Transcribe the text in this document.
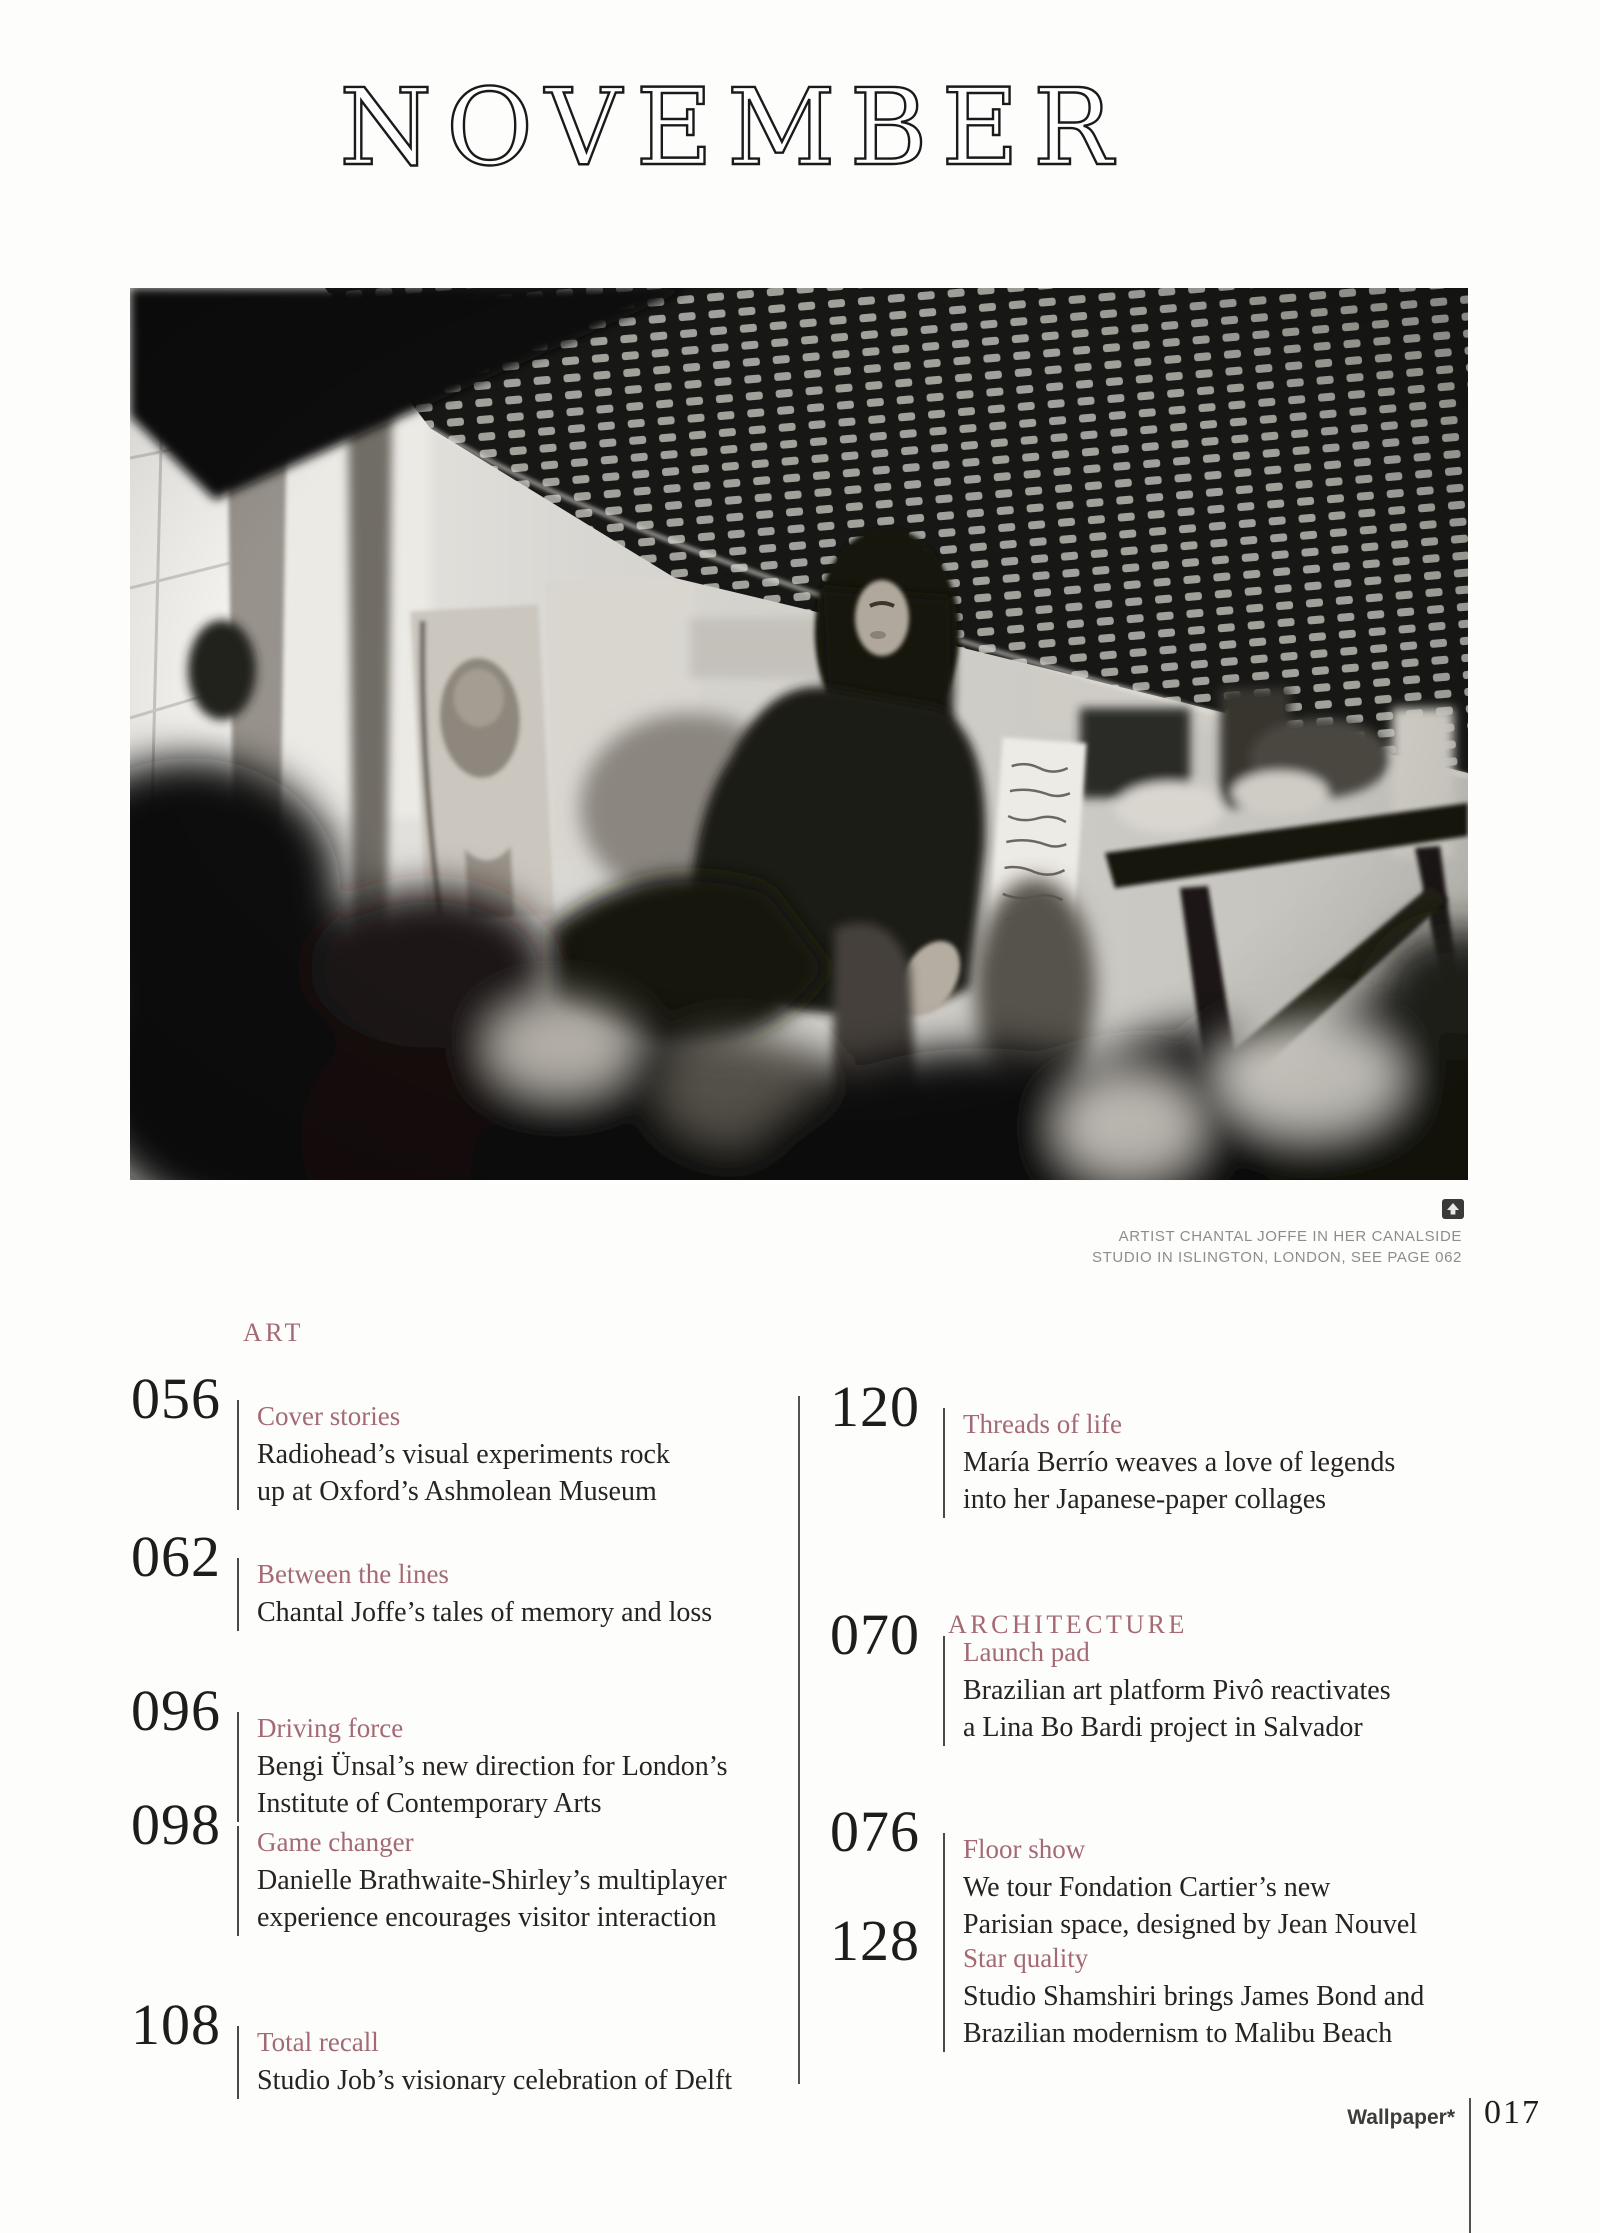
NOVEMBER
ARTIST CHANTAL JOFFE IN HER CANALSIDE
STUDIO IN ISLINGTON, LONDON, SEE PAGE 062
ART
ARCHITECTURE
056	Cover stories
Radiohead’s visual experiments rock
up at Oxford’s Ashmolean Museum
062	Between the lines
Chantal Joffe’s tales of memory and loss
096	Driving force
Bengi Ünsal’s new direction for London’s
Institute of Contemporary Arts
098	Game changer
Danielle Brathwaite-Shirley’s multiplayer
experience encourages visitor interaction
108	Total recall
Studio Job’s visionary celebration of Delft
120	Threads of life
María Berrío weaves a love of legends
into her Japanese-paper collages
070	Launch pad
Brazilian art platform Pivô reactivates
a Lina Bo Bardi project in Salvador
076	Floor show
We tour Fondation Cartier’s new
Parisian space, designed by Jean Nouvel
128	Star quality
Studio Shamshiri brings James Bond and
Brazilian modernism to Malibu Beach
Wallpaper* 017
